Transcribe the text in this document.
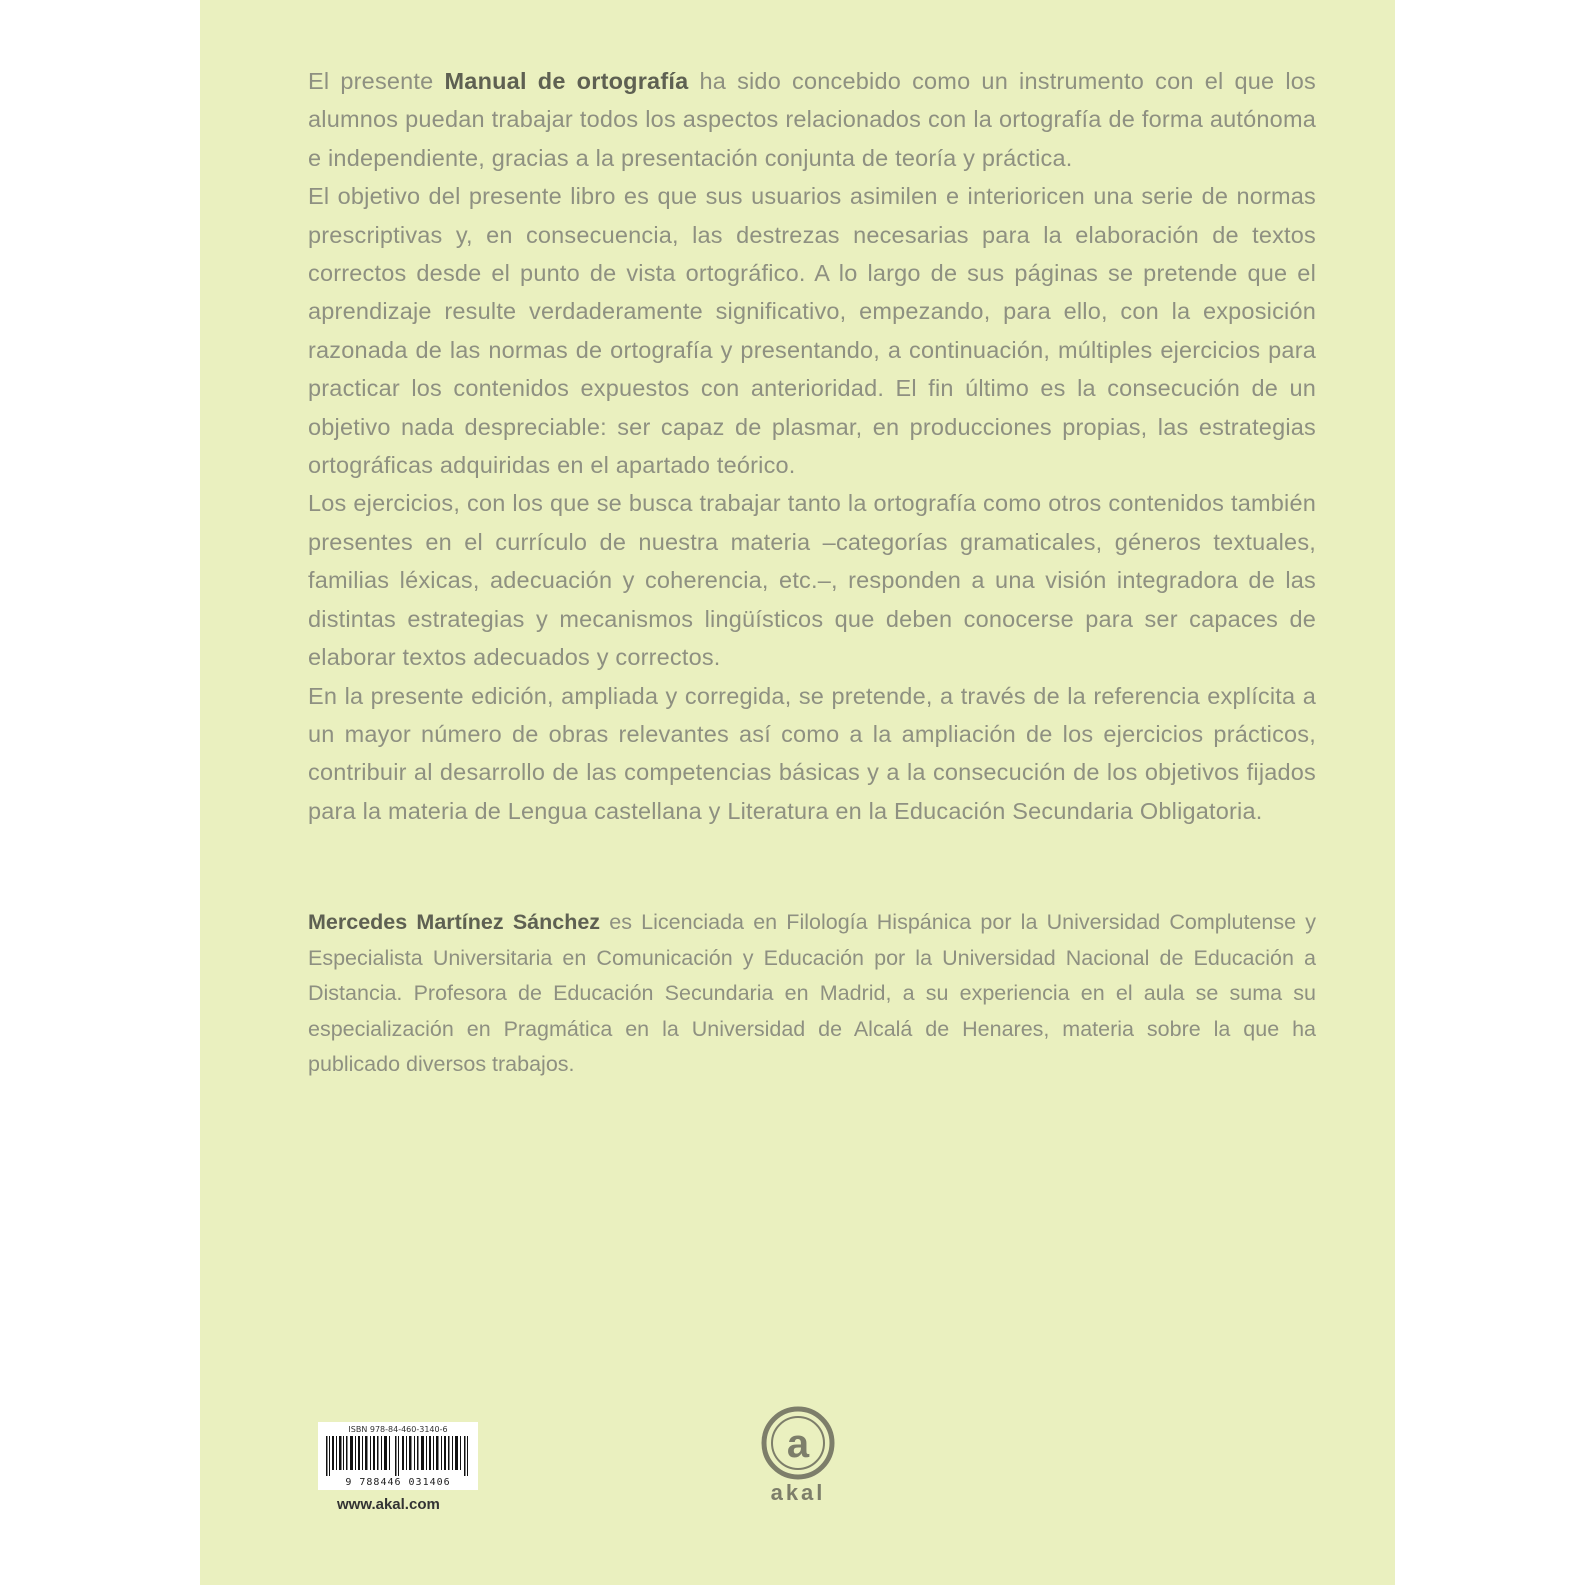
El presente Manual de ortografía ha sido concebido como un instrumento con el que los alumnos puedan trabajar todos los aspectos relacionados con la ortografía de forma autónoma e independiente, gracias a la presentación conjunta de teoría y práctica.

El objetivo del presente libro es que sus usuarios asimilen e interioricen una serie de normas prescriptivas y, en consecuencia, las destrezas necesarias para la elaboración de textos correctos desde el punto de vista ortográfico. A lo largo de sus páginas se pretende que el aprendizaje resulte verdaderamente significativo, empezando, para ello, con la exposición razonada de las normas de ortografía y presentando, a continuación, múltiples ejercicios para practicar los contenidos expuestos con anterioridad. El fin último es la consecución de un objetivo nada despreciable: ser capaz de plasmar, en producciones propias, las estrategias ortográficas adquiridas en el apartado teórico.

Los ejercicios, con los que se busca trabajar tanto la ortografía como otros contenidos también presentes en el currículo de nuestra materia –categorías gramaticales, géneros textuales, familias léxicas, adecuación y coherencia, etc.–, responden a una visión integradora de las distintas estrategias y mecanismos lingüísticos que deben conocerse para ser capaces de elaborar textos adecuados y correctos.

En la presente edición, ampliada y corregida, se pretende, a través de la referencia explícita a un mayor número de obras relevantes así como a la ampliación de los ejercicios prácticos, contribuir al desarrollo de las competencias básicas y a la consecución de los objetivos fijados para la materia de Lengua castellana y Literatura en la Educación Secundaria Obligatoria.

Mercedes Martínez Sánchez es Licenciada en Filología Hispánica por la Universidad Complutense y Especialista Universitaria en Comunicación y Educación por la Universidad Nacional de Educación a Distancia. Profesora de Educación Secundaria en Madrid, a su experiencia en el aula se suma su especialización en Pragmática en la Universidad de Alcalá de Henares, materia sobre la que ha publicado diversos trabajos.
ISBN 978-84-460-3140-6
9 788446 031406
www.akal.com
a
akal
